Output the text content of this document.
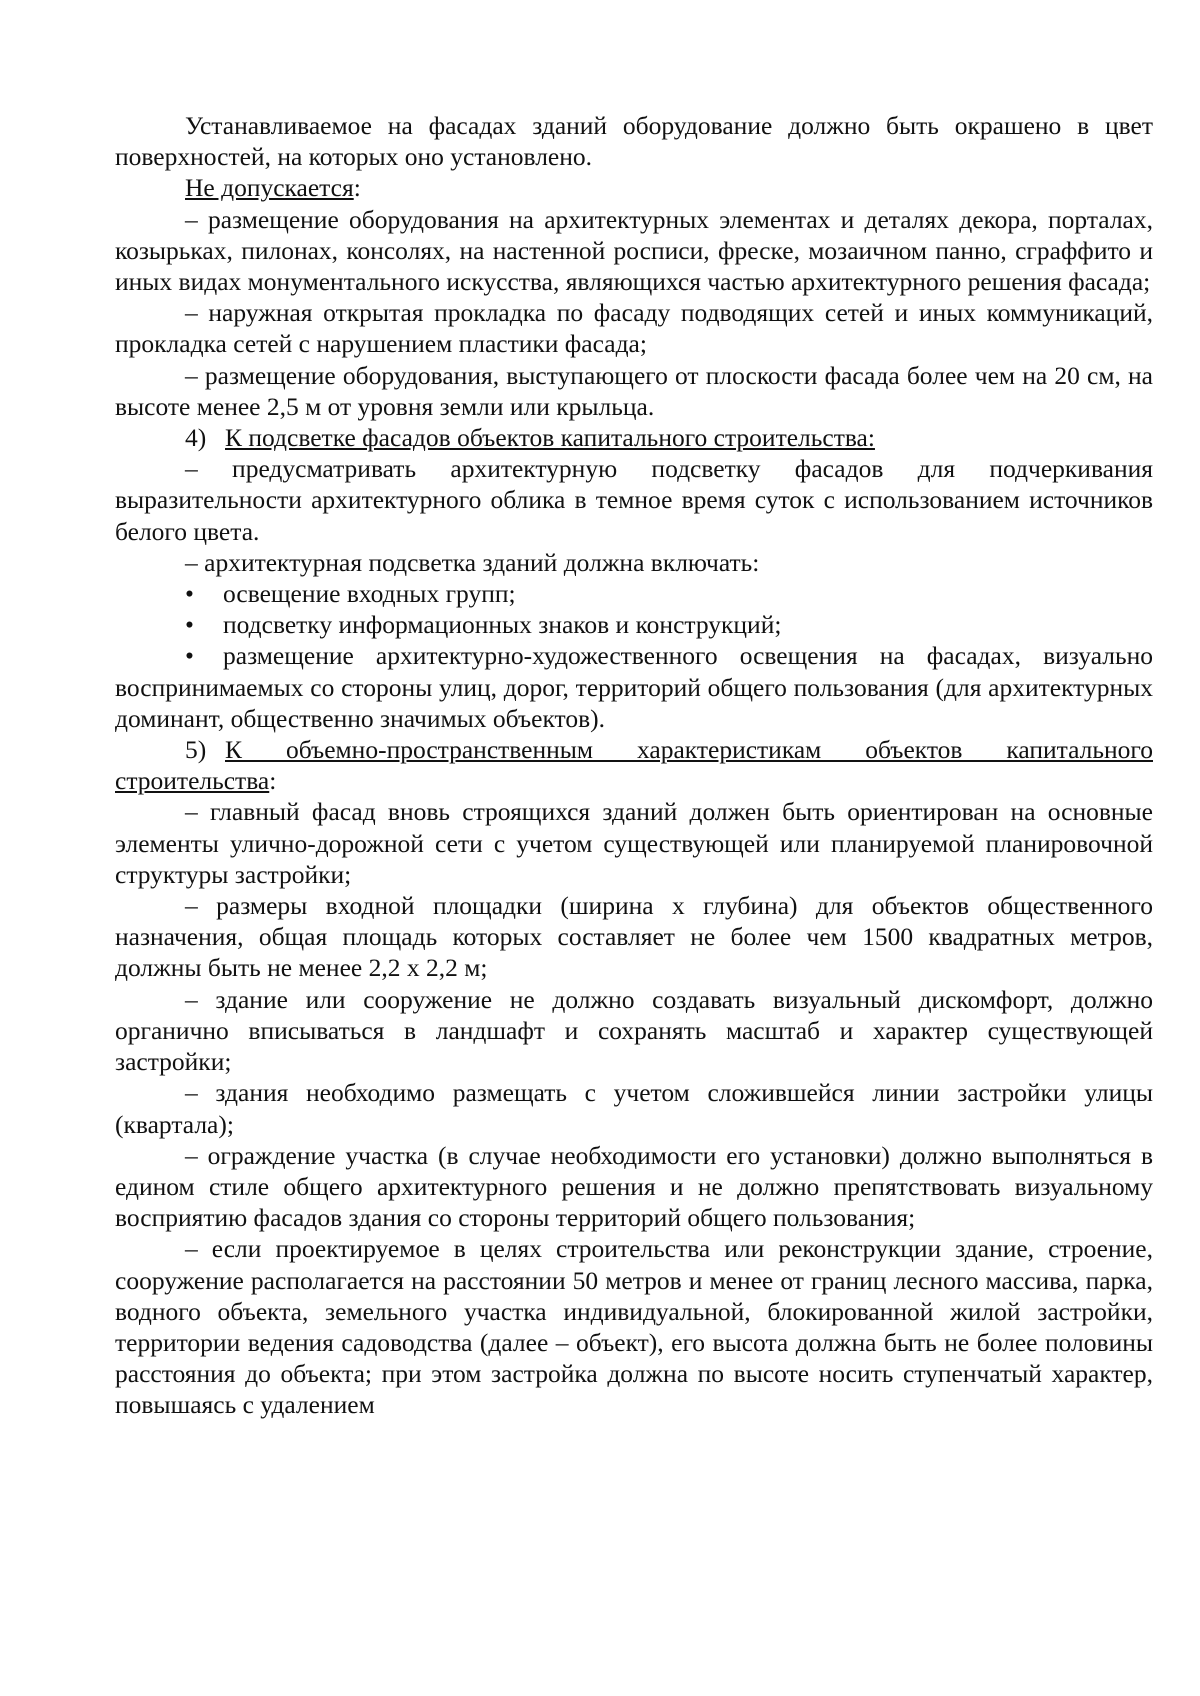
Устанавливаемое на фасадах зданий оборудование должно быть окрашено в цвет поверхностей, на которых оно установлено.

Не допускается:

– размещение оборудования на архитектурных элементах и деталях декора, порталах, козырьках, пилонах, консолях, на настенной росписи, фреске, мозаичном панно, сграффито и иных видах монументального искусства, являющихся частью архитектурного решения фасада;

– наружная открытая прокладка по фасаду подводящих сетей и иных коммуникаций, прокладка сетей с нарушением пластики фасада;

– размещение оборудования, выступающего от плоскости фасада более чем на 20 см, на высоте менее 2,5 м от уровня земли или крыльца.

4) К подсветке фасадов объектов капитального строительства:

– предусматривать архитектурную подсветку фасадов для подчеркивания выразительности архитектурного облика в темное время суток с использованием источников белого цвета.

– архитектурная подсветка зданий должна включать:

• освещение входных групп;

• подсветку информационных знаков и конструкций;

• размещение архитектурно-художественного освещения на фасадах, визуально воспринимаемых со стороны улиц, дорог, территорий общего пользования (для архитектурных доминант, общественно значимых объектов).

5) К объемно-пространственным характеристикам объектов капитального строительства:

– главный фасад вновь строящихся зданий должен быть ориентирован на основные элементы улично-дорожной сети с учетом существующей или планируемой планировочной структуры застройки;

– размеры входной площадки (ширина х глубина) для объектов общественного назначения, общая площадь которых составляет не более чем 1500 квадратных метров, должны быть не менее 2,2 х 2,2 м;

– здание или сооружение не должно создавать визуальный дискомфорт, должно органично вписываться в ландшафт и сохранять масштаб и характер существующей застройки;

– здания необходимо размещать с учетом сложившейся линии застройки улицы (квартала);

– ограждение участка (в случае необходимости его установки) должно выполняться в едином стиле общего архитектурного решения и не должно препятствовать визуальному восприятию фасадов здания со стороны территорий общего пользования;

– если проектируемое в целях строительства или реконструкции здание, строение, сооружение располагается на расстоянии 50 метров и менее от границ лесного массива, парка, водного объекта, земельного участка индивидуальной, блокированной жилой застройки, территории ведения садоводства (далее – объект), его высота должна быть не более половины расстояния до объекта; при этом застройка должна по высоте носить ступенчатый характер, повышаясь с удалением
